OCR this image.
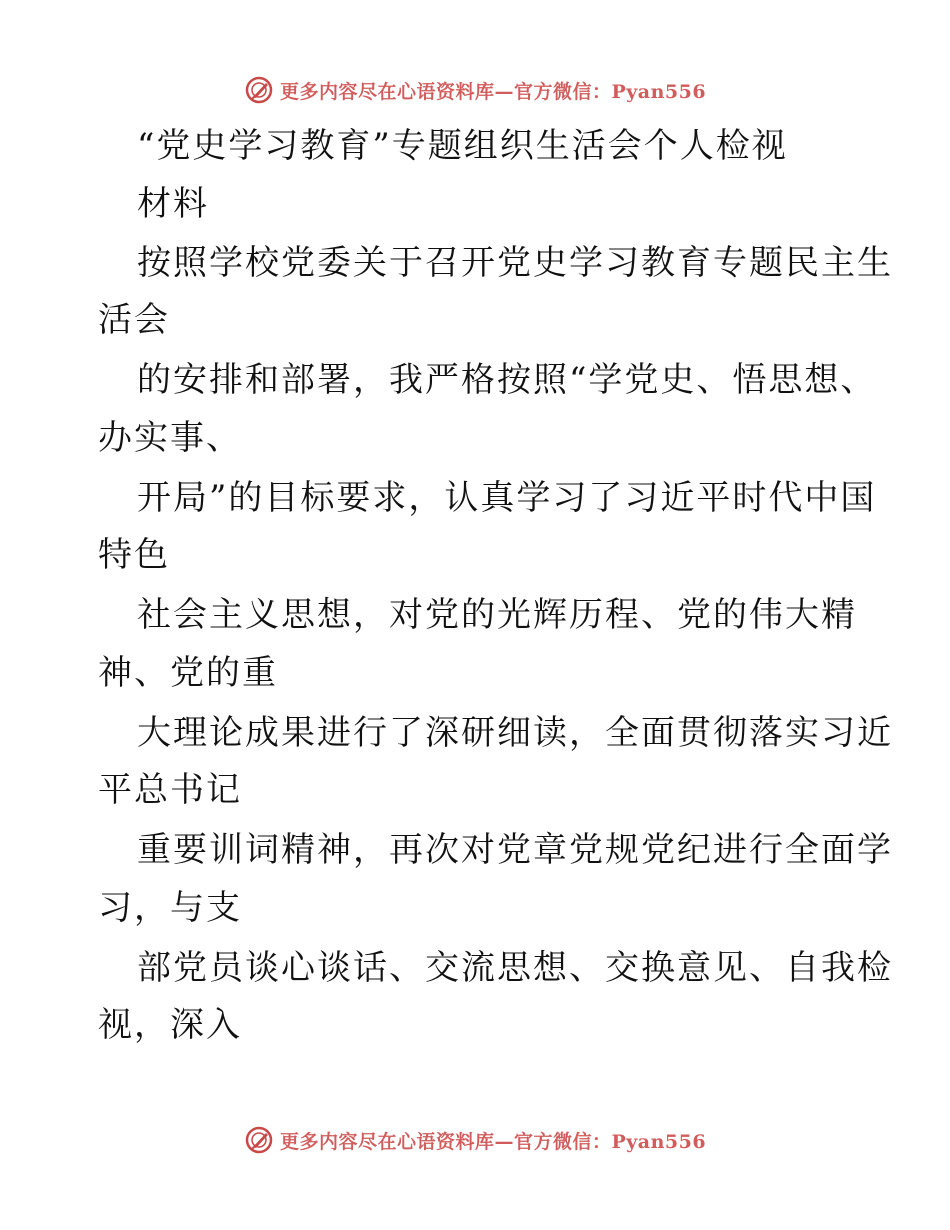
更多内容尽在心语资料库—官方微信：Pyan556
“党史学习教育”专题组织生活会个人检视
材料
按照学校党委关于召开党史学习教育专题民主生
活会
的安排和部署，我严格按照“学党史、悟思想、
办实事、
开局”的目标要求，认真学习了习近平时代中国
特色
社会主义思想，对党的光辉历程、党的伟大精
神、党的重
大理论成果进行了深研细读，全面贯彻落实习近
平总书记
重要训词精神，再次对党章党规党纪进行全面学
习，与支
部党员谈心谈话、交流思想、交换意见、自我检
视，深入
更多内容尽在心语资料库—官方微信：Pyan556
